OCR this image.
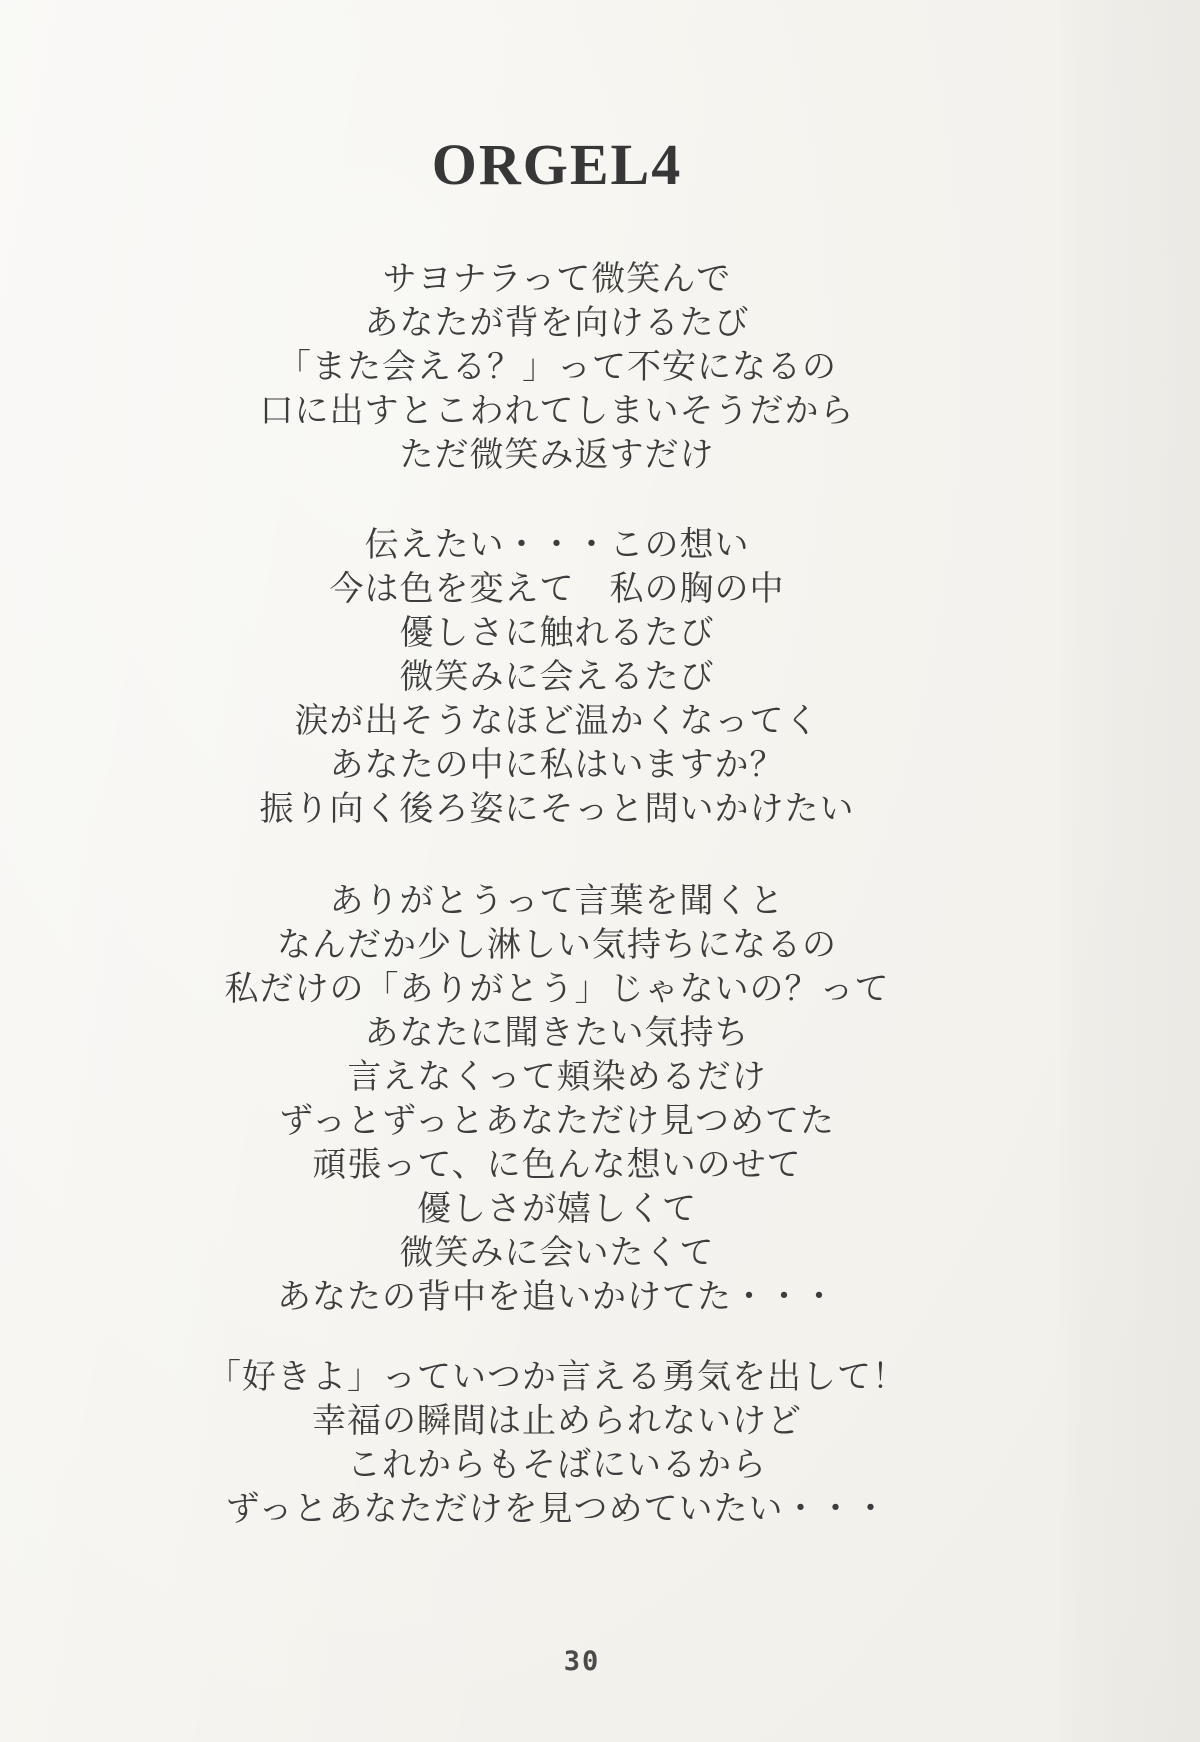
ORGEL4
サヨナラって微笑んで
あなたが背を向けるたび
「また会える？」って不安になるの
口に出すとこわれてしまいそうだから
ただ微笑み返すだけ
伝えたい・・・この想い
今は色を変えて　私の胸の中
優しさに触れるたび
微笑みに会えるたび
涙が出そうなほど温かくなってく
あなたの中に私はいますか？
振り向く後ろ姿にそっと問いかけたい
ありがとうって言葉を聞くと
なんだか少し淋しい気持ちになるの
私だけの「ありがとう」じゃないの？って
あなたに聞きたい気持ち
言えなくって頬染めるだけ
ずっとずっとあなただけ見つめてた
頑張って、に色んな想いのせて
優しさが嬉しくて
微笑みに会いたくて
あなたの背中を追いかけてた・・・
「好きよ」っていつか言える勇気を出して！
幸福の瞬間は止められないけど
これからもそばにいるから
ずっとあなただけを見つめていたい・・・
30
